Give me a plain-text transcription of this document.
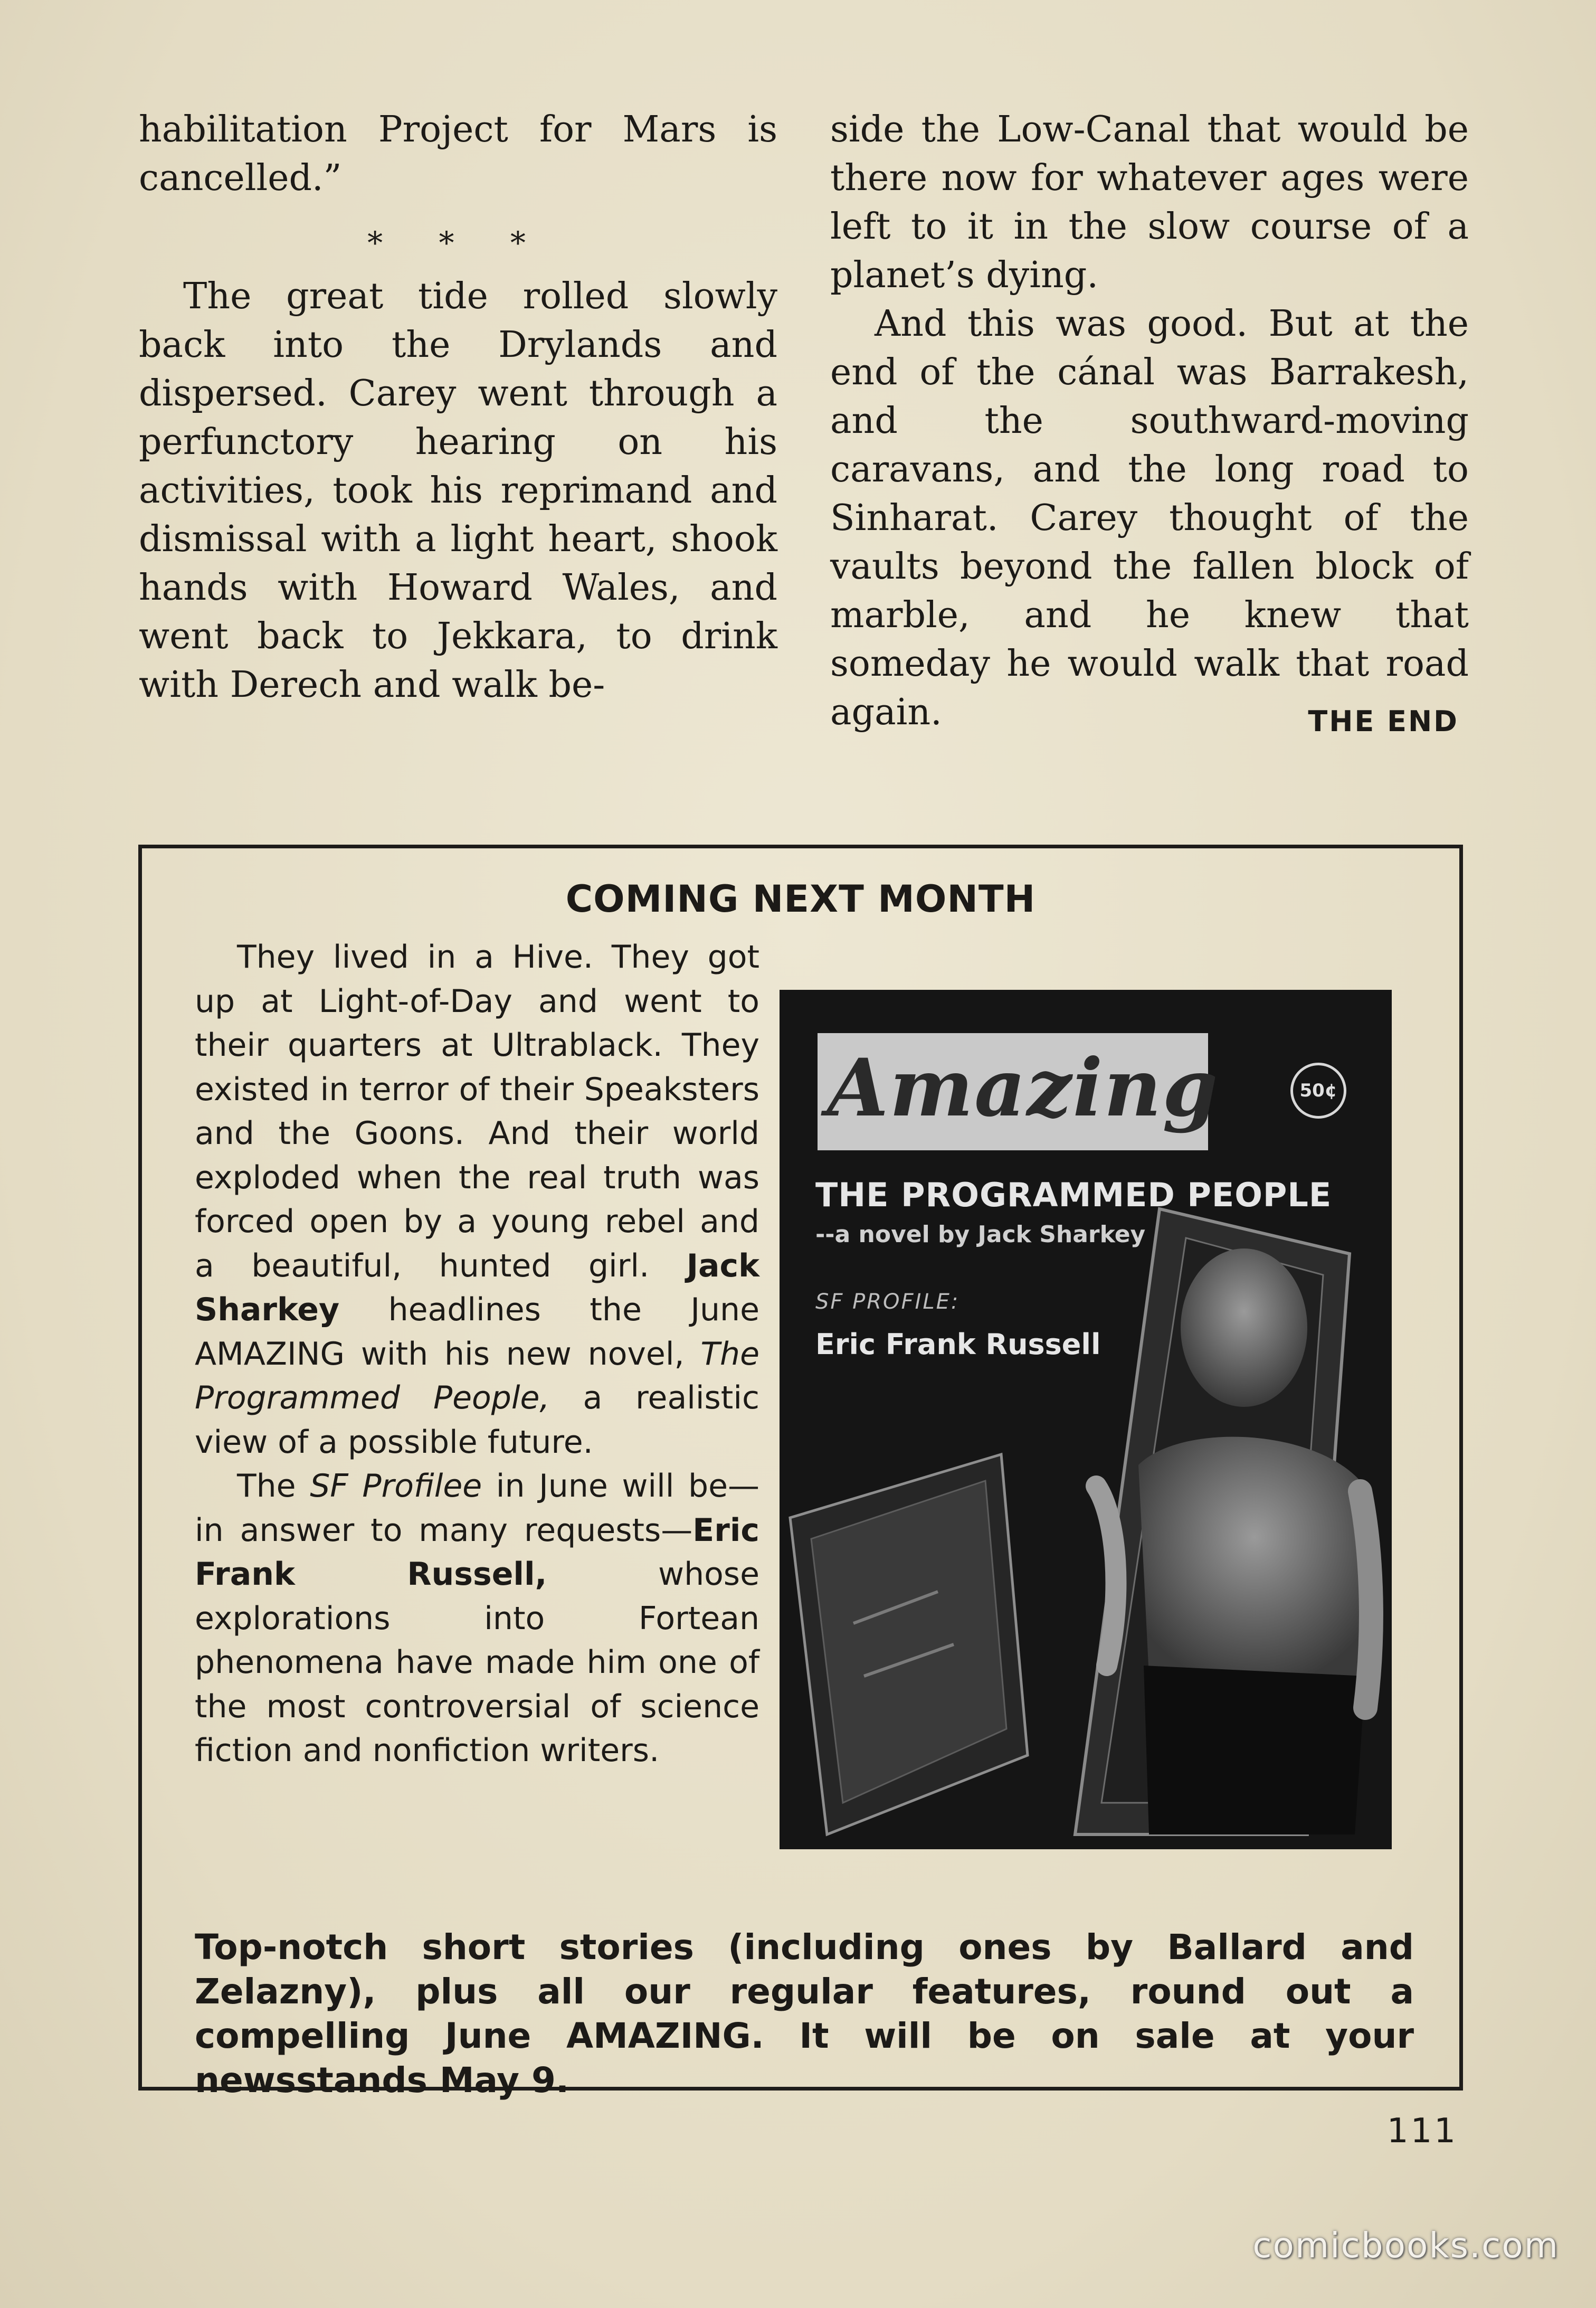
habilitation Project for Mars is cancelled.”

* * *

The great tide rolled slowly back into the Drylands and dispersed. Carey went through a perfunctory hearing on his activities, took his reprimand and dismissal with a light heart, shook hands with Howard Wales, and went back to Jekkara, to drink with Derech and walk be-

side the Low-Canal that would be there now for whatever ages were left to it in the slow course of a planet’s dying.

And this was good. But at the end of the cánal was Barrakesh, and the southward-moving caravans, and the long road to Sinharat. Carey thought of the vaults beyond the fallen block of marble, and he knew that someday he would walk that road again.	THE END
COMING NEXT MONTH

They lived in a Hive. They got up at Light-of-Day and went to their quarters at Ultrablack. They existed in terror of their Speaksters and the Goons. And their world exploded when the real truth was forced open by a young rebel and a beautiful, hunted girl. Jack Sharkey headlines the June AMAZING with his new novel, The Programmed People, a realistic view of a possible future.

The SF Profilee in June will be—in answer to many requests—Eric Frank Russell, whose explorations into Fortean phenomena have made him one of the most controversial of science fiction and nonfiction writers.

Amazing	50¢
THE PROGRAMMED PEOPLE
--a novel by Jack Sharkey
SF PROFILE:
Eric Frank Russell
Top-notch short stories (including ones by Ballard and Zelazny), plus all our regular features, round out a compelling June AMAZING. It will be on sale at your newsstands May 9.
111
comicbooks.com
